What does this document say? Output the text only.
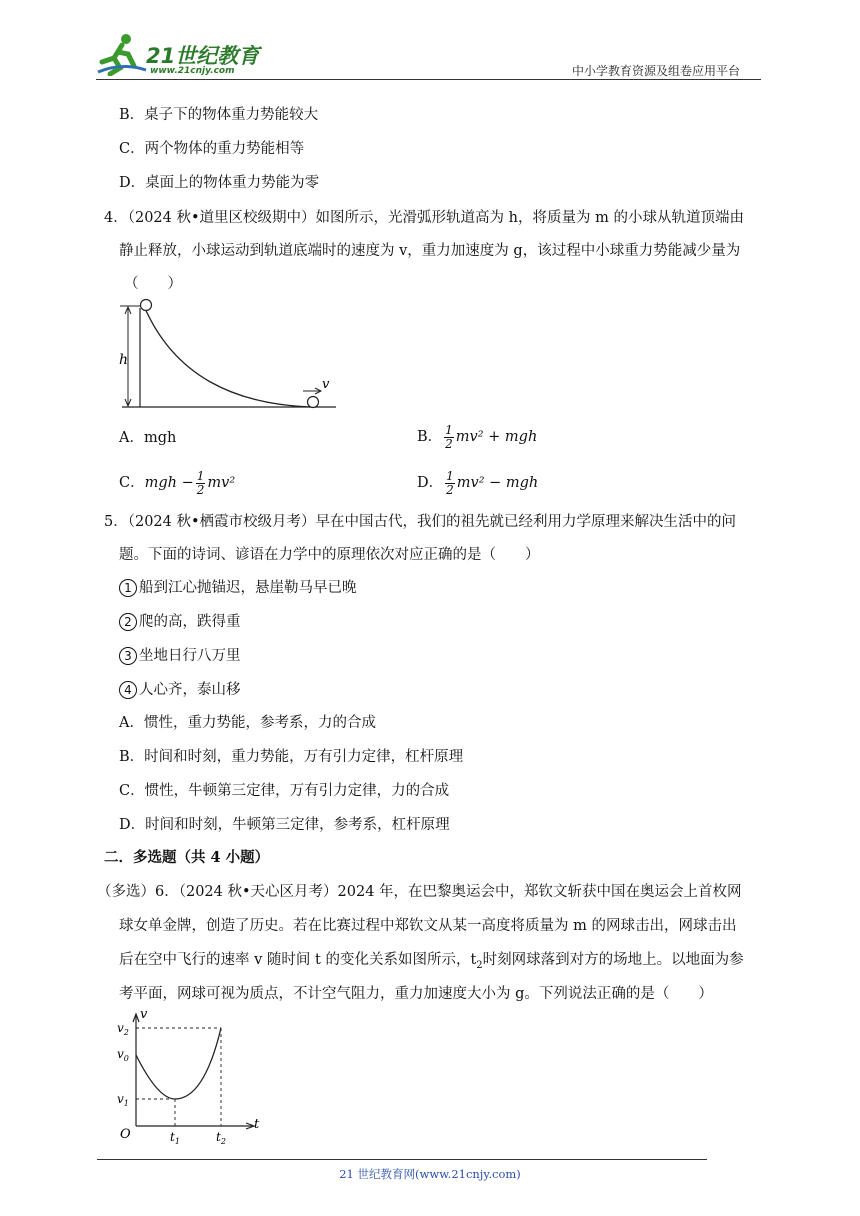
21世纪教育
www.21cnjy.com	中小学教育资源及组卷应用平台
B．桌子下的物体重力势能较大
C．两个物体的重力势能相等
D．桌面上的物体重力势能为零
4．（2024 秋•道里区校级期中）如图所示，光滑弧形轨道高为 h，将质量为 m 的小球从轨道顶端由
静止释放，小球运动到轨道底端时的速度为 v，重力加速度为 g，该过程中小球重力势能减少量为
（　　）
h
v
A．mgh	B． $\frac{1}{2} mv^2$ + mgh
C．mgh − $\frac{1}{2} mv^2$	D． $\frac{1}{2} mv^2$ − mgh
5．（2024 秋•栖霞市校级月考）早在中国古代，我们的祖先就已经利用力学原理来解决生活中的问
题。下面的诗词、谚语在力学中的原理依次对应正确的是（　　）
1 船到江心抛锚迟，悬崖勒马早已晚
2 爬的高，跌得重
3 坐地日行八万里
4 人心齐，泰山移
A．惯性，重力势能，参考系，力的合成
B．时间和时刻，重力势能，万有引力定律，杠杆原理
C．惯性，牛顿第三定律，万有引力定律，力的合成
D．时间和时刻，牛顿第三定律，参考系，杠杆原理
二．多选题（共 4 小题）
（多选）6．（2024 秋•天心区月考）2024 年，在巴黎奥运会中，郑钦文斩获中国在奥运会上首枚网
球女单金牌，创造了历史。若在比赛过程中郑钦文从某一高度将质量为 m 的网球击出，网球击出
后在空中飞行的速率 v 随时间 t 的变化关系如图所示，$t_2$时刻网球落到对方的场地上。以地面为参
考平面，网球可视为质点，不计空气阻力，重力加速度大小为 g。下列说法正确的是（　　）
v
t
O
$v_2$
$v_0$
$v_1$
$t_1$	$t_2$
21 世纪教育网(www.21cnjy.com)
